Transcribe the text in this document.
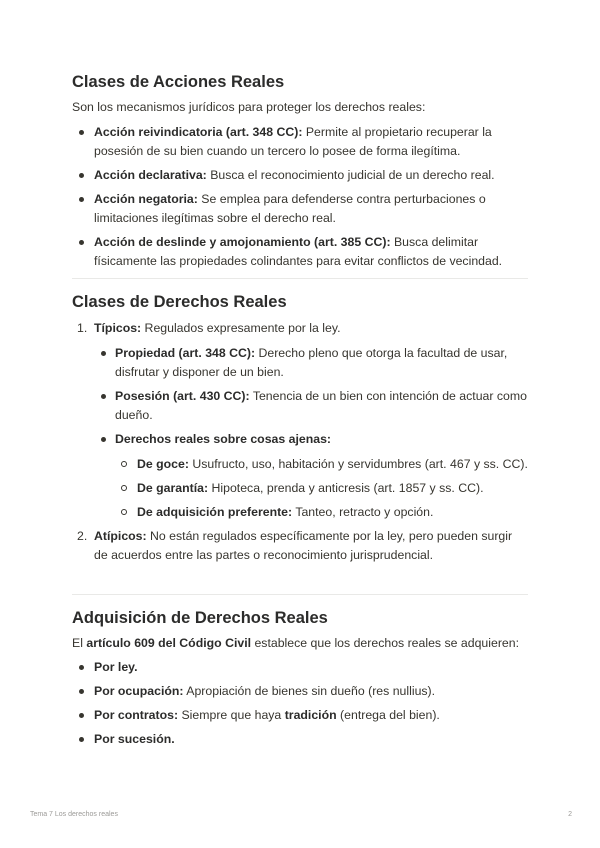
Clases de Acciones Reales

Son los mecanismos jurídicos para proteger los derechos reales:

Acción reivindicatoria (art. 348 CC): Permite al propietario recuperar la posesión de su bien cuando un tercero lo posee de forma ilegítima.
Acción declarativa: Busca el reconocimiento judicial de un derecho real.
Acción negatoria: Se emplea para defenderse contra perturbaciones o limitaciones ilegítimas sobre el derecho real.
Acción de deslinde y amojonamiento (art. 385 CC): Busca delimitar físicamente las propiedades colindantes para evitar conflictos de vecindad.
Clases de Derechos Reales
1. Típicos: Regulados expresamente por la ley.
Propiedad (art. 348 CC): Derecho pleno que otorga la facultad de usar, disfrutar y disponer de un bien.
Posesión (art. 430 CC): Tenencia de un bien con intención de actuar como dueño.
Derechos reales sobre cosas ajenas:
De goce: Usufructo, uso, habitación y servidumbres (art. 467 y ss. CC).
De garantía: Hipoteca, prenda y anticresis (art. 1857 y ss. CC).
De adquisición preferente: Tanteo, retracto y opción.
2. Atípicos: No están regulados específicamente por la ley, pero pueden surgir de acuerdos entre las partes o reconocimiento jurisprudencial.
Adquisición de Derechos Reales

El artículo 609 del Código Civil establece que los derechos reales se adquieren:

Por ley.
Por ocupación: Apropiación de bienes sin dueño (res nullius).
Por contratos: Siempre que haya tradición (entrega del bien).
Por sucesión.
Tema 7 Los derechos reales	2
